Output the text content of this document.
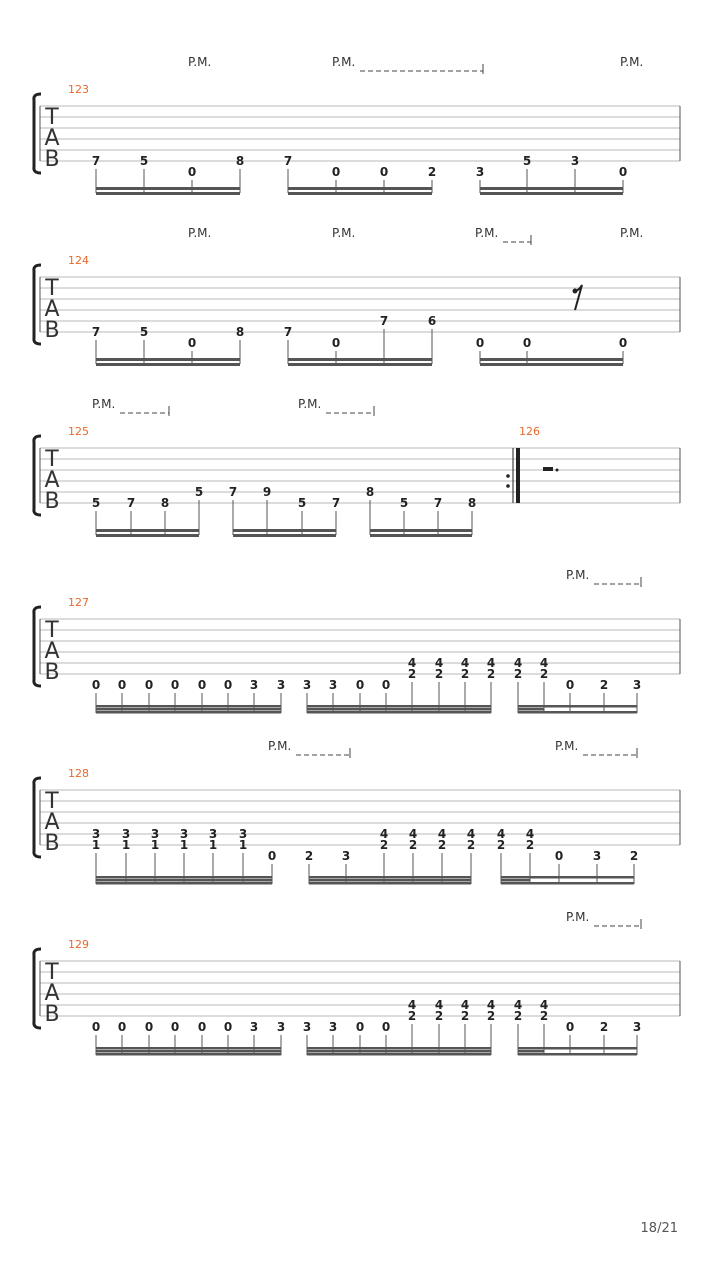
T
A
B
123
P.M.	P.M.	P.M.
7	5
0
8	7
0	0	2	3
5	3
0
T
A
B
124
P.M.	P.M.	P.M.	P.M.
7	5
0
8	7
0
7	6
0	0	0
T
A
B
125
P.M.	P.M.
5 7 8
5 7 9
5 7
8
5 7 8
126
T
A
B
127
P.M.
0 0 0 0 0 0 3 3 3 3 0 0
4
2
4
2
4
2
4
2
4
2
4
2
0 2 3
T
A
B
128
P.M.	P.M.
3
1
3
1
3
1
3
1
3
1
3
1
0 2 3
4
2
4
2
4
2
4
2
4
2
4
2
0 3 2
T
A
B
129
P.M.
0 0 0 0 0 0 3 3 3 3 0 0
4
2
4
2
4
2
4
2
4
2
4
2
0 2 3
18/21
